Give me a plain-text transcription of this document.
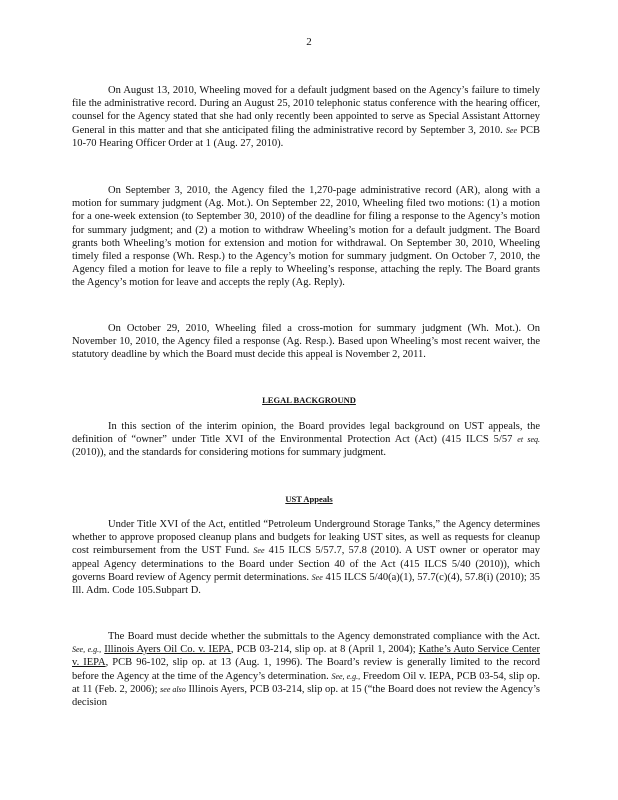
2

On August 13, 2010, Wheeling moved for a default judgment based on the Agency’s failure to timely file the administrative record. During an August 25, 2010 telephonic status conference with the hearing officer, counsel for the Agency stated that she had only recently been appointed to serve as Special Assistant Attorney General in this matter and that she anticipated filing the administrative record by September 3, 2010. See PCB 10-70 Hearing Officer Order at 1 (Aug. 27, 2010).

On September 3, 2010, the Agency filed the 1,270-page administrative record (AR), along with a motion for summary judgment (Ag. Mot.). On September 22, 2010, Wheeling filed two motions: (1) a motion for a one-week extension (to September 30, 2010) of the deadline for filing a response to the Agency’s motion for summary judgment; and (2) a motion to withdraw Wheeling’s motion for a default judgment. The Board grants both Wheeling’s motion for extension and motion for withdrawal. On September 30, 2010, Wheeling timely filed a response (Wh. Resp.) to the Agency’s motion for summary judgment. On October 7, 2010, the Agency filed a motion for leave to file a reply to Wheeling’s response, attaching the reply. The Board grants the Agency’s motion for leave and accepts the reply (Ag. Reply).

On October 29, 2010, Wheeling filed a cross-motion for summary judgment (Wh. Mot.). On November 10, 2010, the Agency filed a response (Ag. Resp.). Based upon Wheeling’s most recent waiver, the statutory deadline by which the Board must decide this appeal is November 2, 2011.

LEGAL BACKGROUND

In this section of the interim opinion, the Board provides legal background on UST appeals, the definition of “owner” under Title XVI of the Environmental Protection Act (Act) (415 ILCS 5/57 et seq. (2010)), and the standards for considering motions for summary judgment.

UST Appeals

Under Title XVI of the Act, entitled “Petroleum Underground Storage Tanks,” the Agency determines whether to approve proposed cleanup plans and budgets for leaking UST sites, as well as requests for cleanup cost reimbursement from the UST Fund. See 415 ILCS 5/57.7, 57.8 (2010). A UST owner or operator may appeal Agency determinations to the Board under Section 40 of the Act (415 ILCS 5/40 (2010)), which governs Board review of Agency permit determinations. See 415 ILCS 5/40(a)(1), 57.7(c)(4), 57.8(i) (2010); 35 Ill. Adm. Code 105.Subpart D.

The Board must decide whether the submittals to the Agency demonstrated compliance with the Act. See, e.g., Illinois Ayers Oil Co. v. IEPA, PCB 03-214, slip op. at 8 (April 1, 2004); Kathe’s Auto Service Center v. IEPA, PCB 96-102, slip op. at 13 (Aug. 1, 1996). The Board’s review is generally limited to the record before the Agency at the time of the Agency’s determination. See, e.g., Freedom Oil v. IEPA, PCB 03-54, slip op. at 11 (Feb. 2, 2006); see also Illinois Ayers, PCB 03-214, slip op. at 15 (“the Board does not review the Agency’s decision
